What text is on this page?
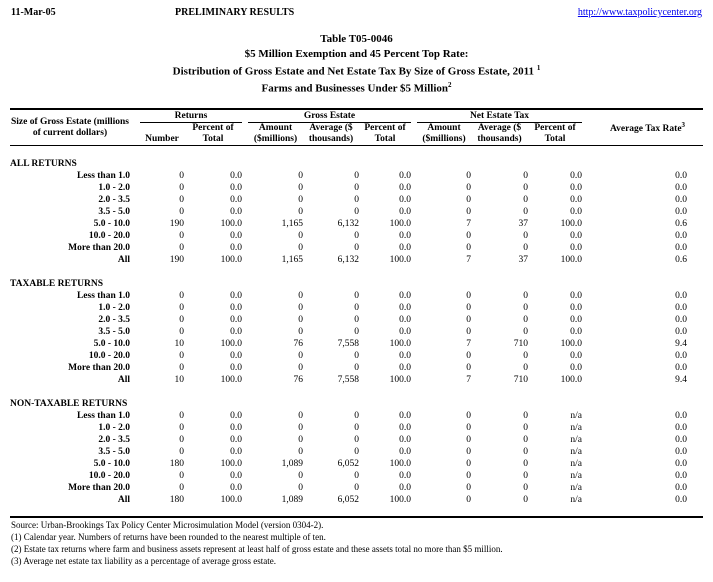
11-Mar-05	PRELIMINARY RESULTS	http://www.taxpolicycenter.org
Table T05-0046
$5 Million Exemption and 45 Percent Top Rate:
Distribution of Gross Estate and Net Estate Tax By Size of Gross Estate, 2011 $^1$
Farms and Businesses Under $5 Million$^2$

Size of Gross Estate (millions of current dollars)		Returns			Gross Estate				Net Estate Tax				Average Tax Rate$^3$
		Number	Percent of Total		Amount ($millions)	Average ($ thousands)	Percent of Total		Amount ($millions)	Average ($ thousands)	Percent of Total		

ALL RETURNS													
Less than 1.0		0	0.0		0	0	0.0		0	0	0.0		0.0
1.0 - 2.0		0	0.0		0	0	0.0		0	0	0.0		0.0
2.0 - 3.5		0	0.0		0	0	0.0		0	0	0.0		0.0
3.5 - 5.0		0	0.0		0	0	0.0		0	0	0.0		0.0
5.0 - 10.0		190	100.0		1,165	6,132	100.0		7	37	100.0		0.6
10.0 - 20.0		0	0.0		0	0	0.0		0	0	0.0		0.0
More than 20.0		0	0.0		0	0	0.0		0	0	0.0		0.0
All		190	100.0		1,165	6,132	100.0		7	37	100.0		0.6

TAXABLE RETURNS													
Less than 1.0		0	0.0		0	0	0.0		0	0	0.0		0.0
1.0 - 2.0		0	0.0		0	0	0.0		0	0	0.0		0.0
2.0 - 3.5		0	0.0		0	0	0.0		0	0	0.0		0.0
3.5 - 5.0		0	0.0		0	0	0.0		0	0	0.0		0.0
5.0 - 10.0		10	100.0		76	7,558	100.0		7	710	100.0		9.4
10.0 - 20.0		0	0.0		0	0	0.0		0	0	0.0		0.0
More than 20.0		0	0.0		0	0	0.0		0	0	0.0		0.0
All		10	100.0		76	7,558	100.0		7	710	100.0		9.4

NON-TAXABLE RETURNS													
Less than 1.0		0	0.0		0	0	0.0		0	0	n/a		0.0
1.0 - 2.0		0	0.0		0	0	0.0		0	0	n/a		0.0
2.0 - 3.5		0	0.0		0	0	0.0		0	0	n/a		0.0
3.5 - 5.0		0	0.0		0	0	0.0		0	0	n/a		0.0
5.0 - 10.0		180	100.0		1,089	6,052	100.0		0	0	n/a		0.0
10.0 - 20.0		0	0.0		0	0	0.0		0	0	n/a		0.0
More than 20.0		0	0.0		0	0	0.0		0	0	n/a		0.0
All		180	100.0		1,089	6,052	100.0		0	0	n/a		0.0

Source: Urban-Brookings Tax Policy Center Microsimulation Model (version 0304-2).
(1) Calendar year. Numbers of returns have been rounded to the nearest multiple of ten.
(2) Estate tax returns where farm and business assets represent at least half of gross estate and these assets total no more than $5 million.
(3) Average net estate tax liability as a percentage of average gross estate.
